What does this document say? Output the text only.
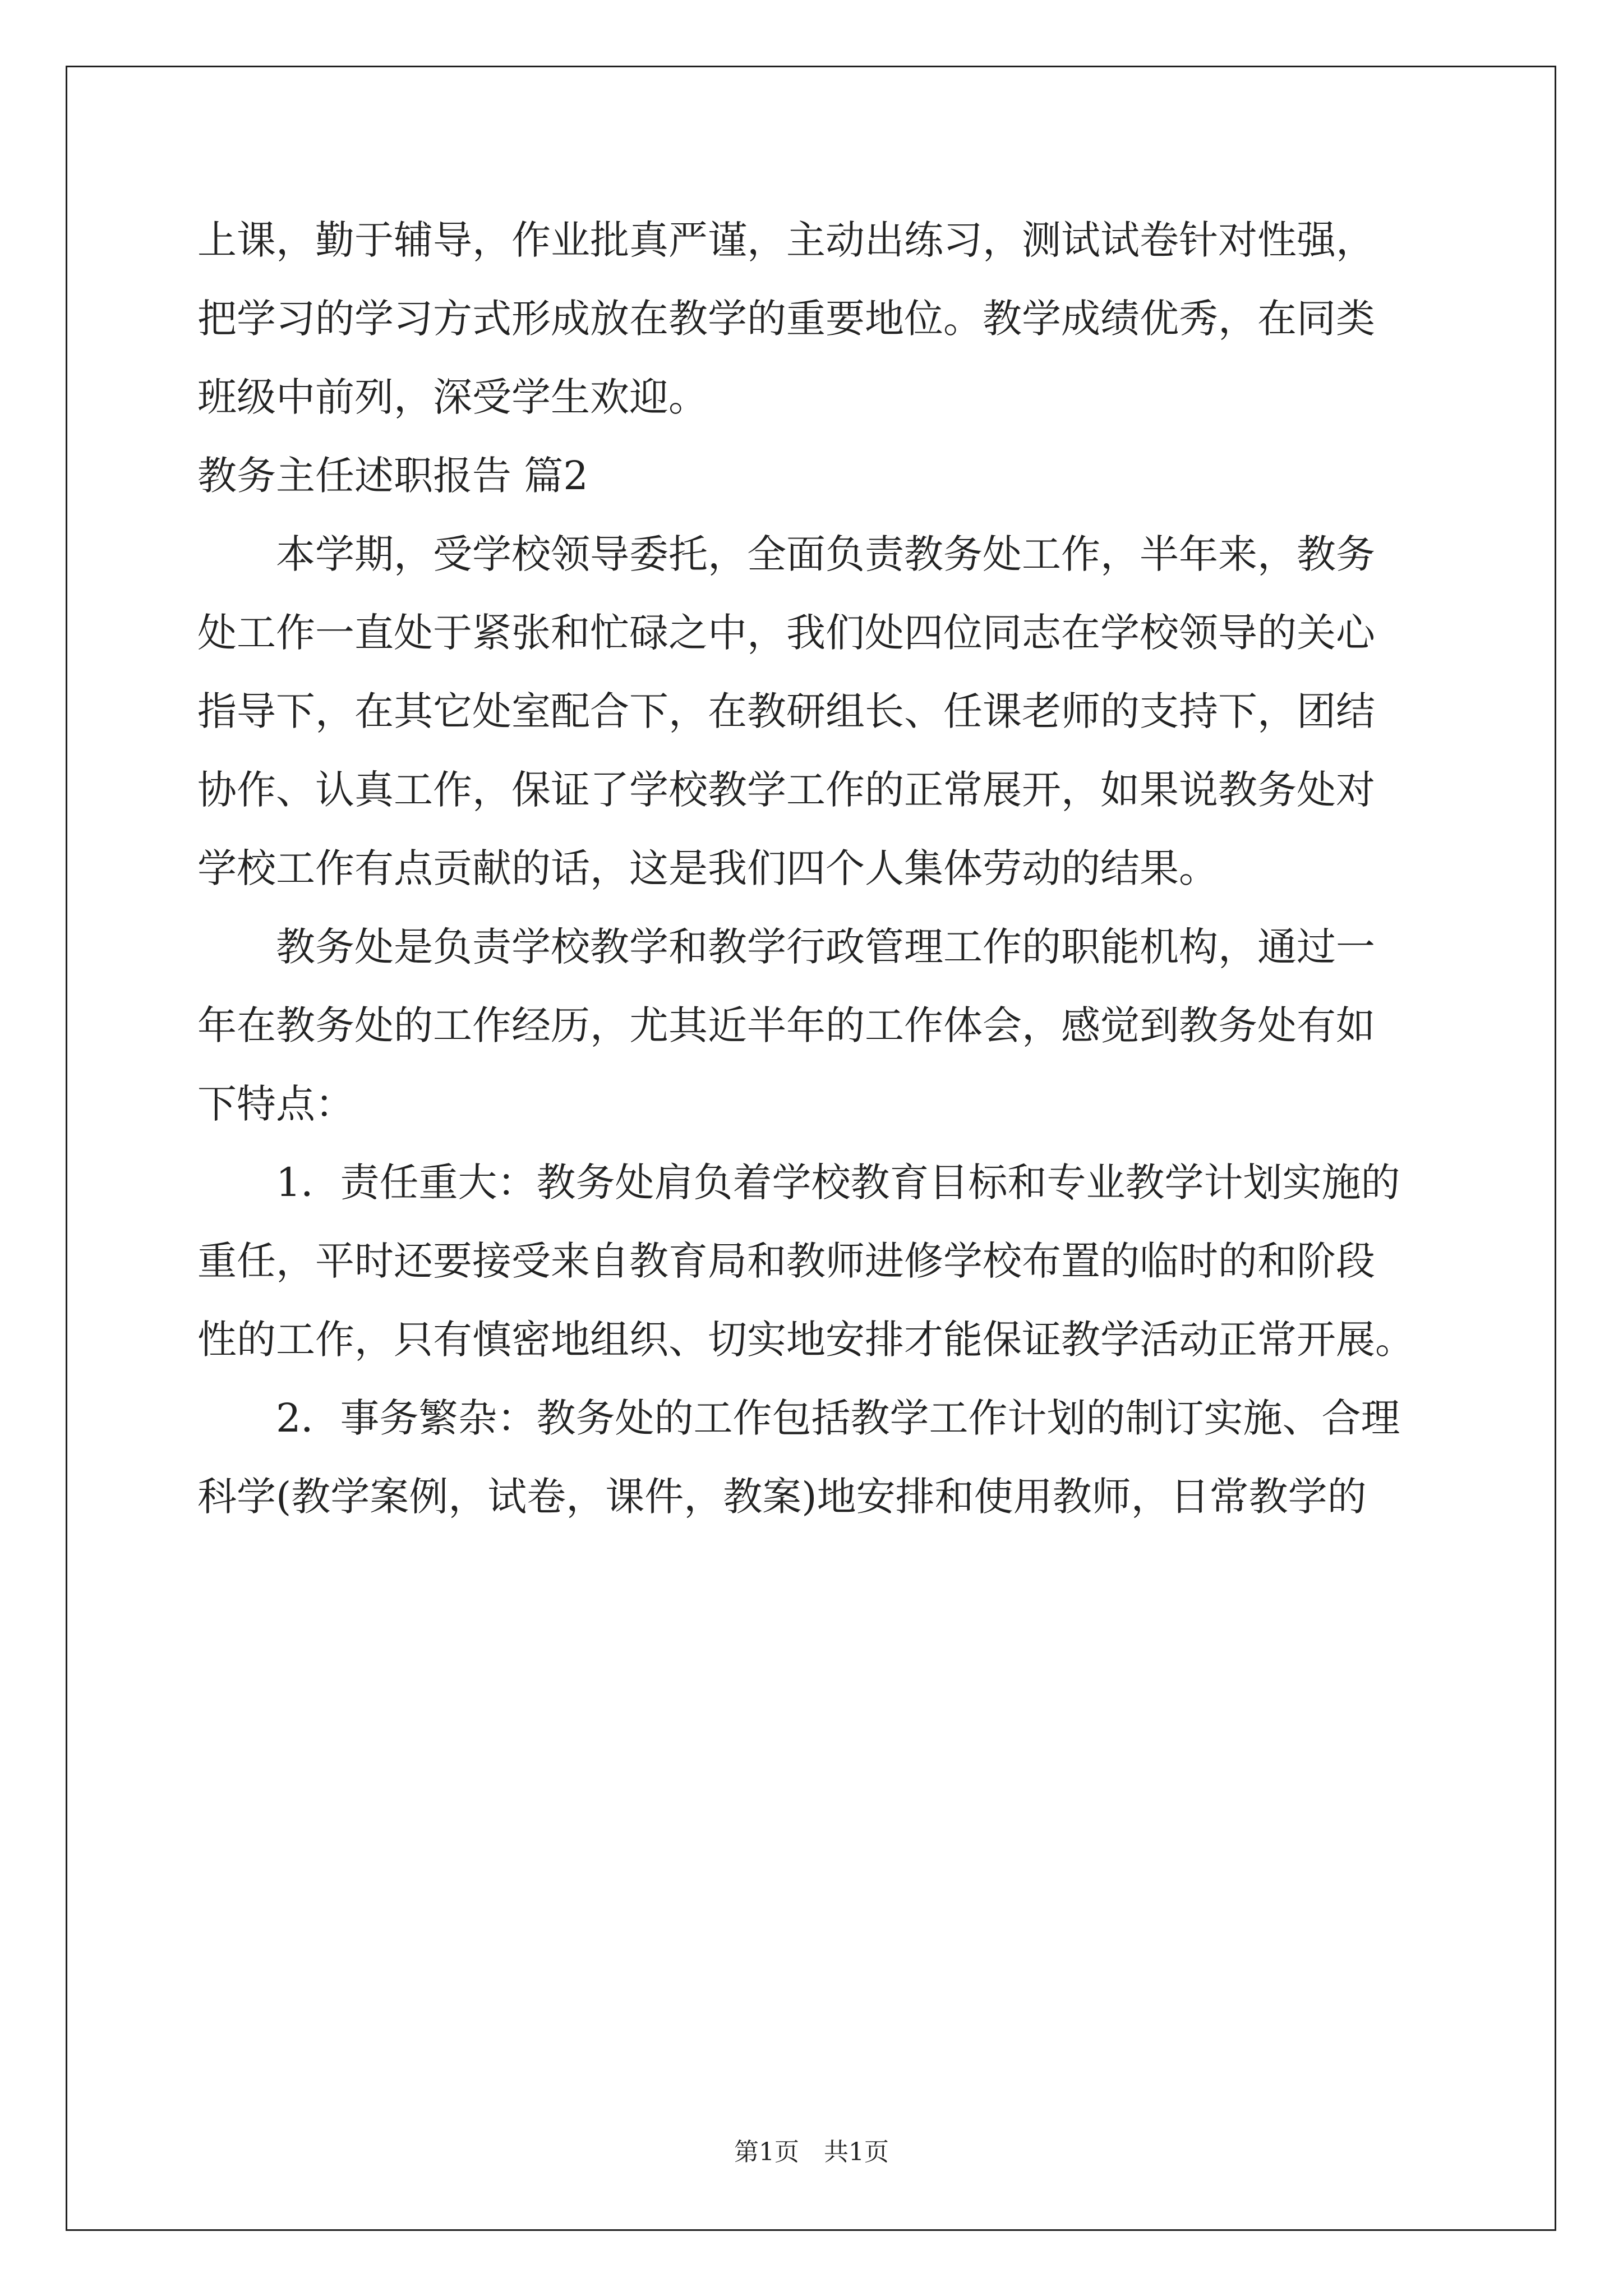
上课，勤于辅导，作业批真严谨，主动出练习，测试试卷针对性强，
把学习的学习方式形成放在教学的重要地位。教学成绩优秀，在同类
班级中前列，深受学生欢迎。
教务主任述职报告 篇2
　　本学期，受学校领导委托，全面负责教务处工作，半年来，教务
处工作一直处于紧张和忙碌之中，我们处四位同志在学校领导的关心
指导下，在其它处室配合下，在教研组长、任课老师的支持下，团结
协作、认真工作，保证了学校教学工作的正常展开，如果说教务处对
学校工作有点贡献的话，这是我们四个人集体劳动的结果。
　　教务处是负责学校教学和教学行政管理工作的职能机构，通过一
年在教务处的工作经历，尤其近半年的工作体会，感觉到教务处有如
下特点：
　　1．责任重大：教务处肩负着学校教育目标和专业教学计划实施的
重任，平时还要接受来自教育局和教师进修学校布置的临时的和阶段
性的工作，只有慎密地组织、切实地安排才能保证教学活动正常开展。
　　2．事务繁杂：教务处的工作包括教学工作计划的制订实施、合理
科学(教学案例，试卷，课件，教案)地安排和使用教师，日常教学的
第1页　共1页
